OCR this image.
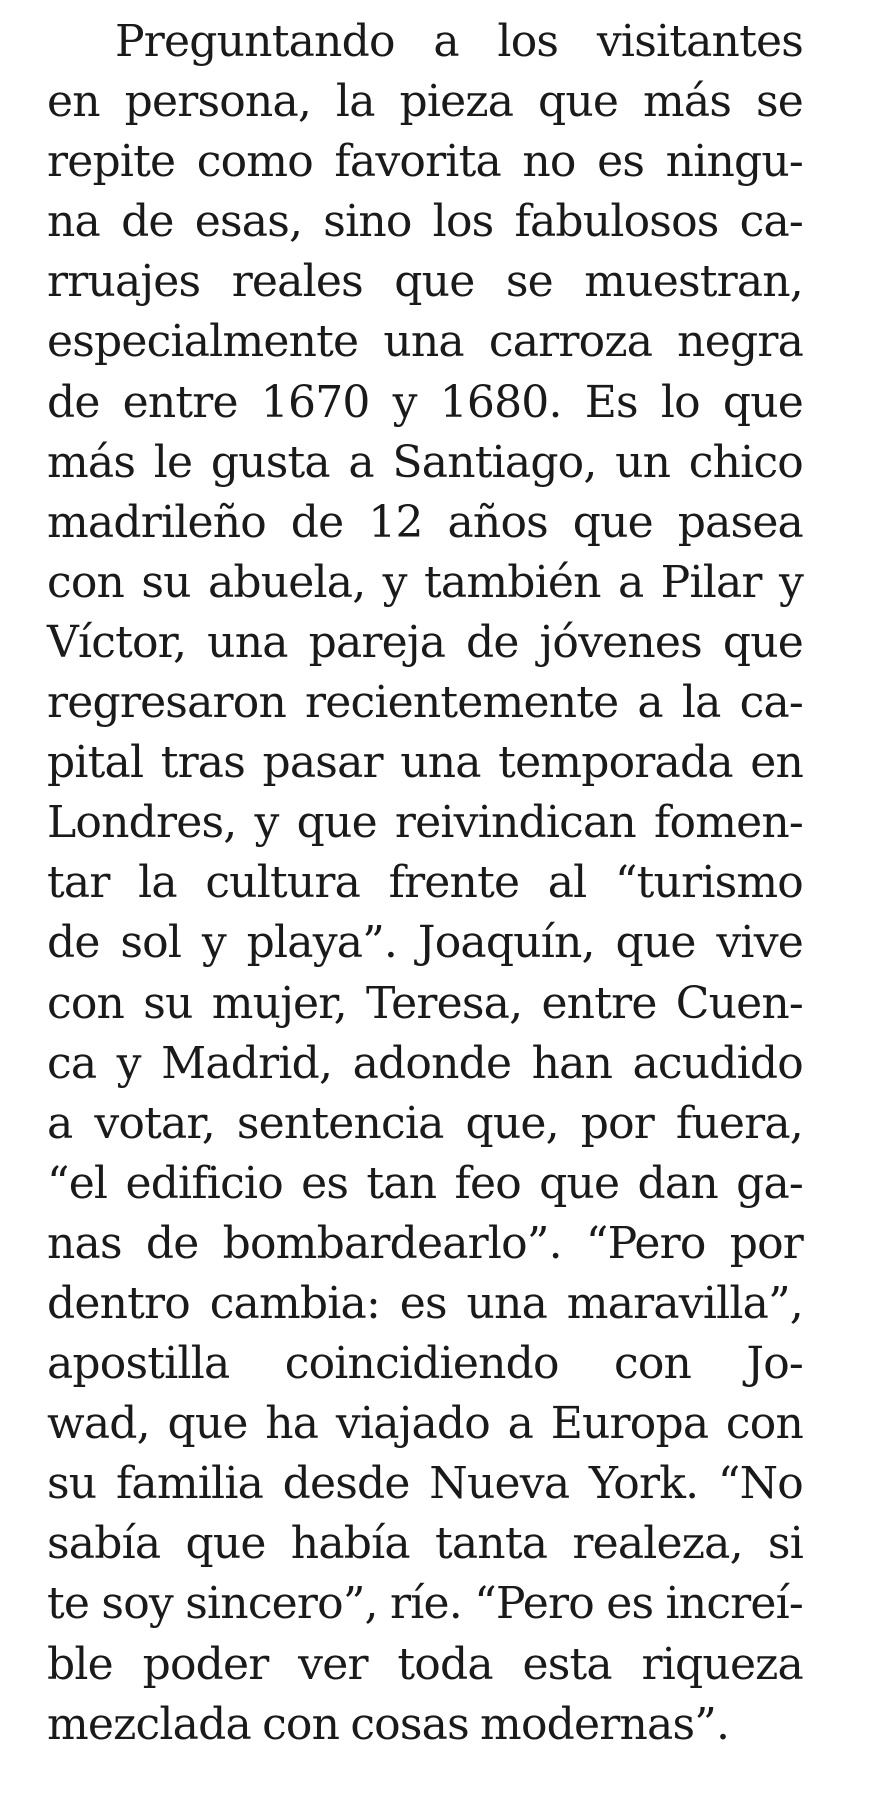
Preguntando a los visitantes
en persona, la pieza que más se
repite como favorita no es ningu-
na de esas, sino los fabulosos ca-
rruajes reales que se muestran,
especialmente una carroza negra
de entre 1670 y 1680. Es lo que
más le gusta a Santiago, un chico
madrileño de 12 años que pasea
con su abuela, y también a Pilar y
Víctor, una pareja de jóvenes que
regresaron recientemente a la ca-
pital tras pasar una temporada en
Londres, y que reivindican fomen-
tar la cultura frente al “turismo
de sol y playa”. Joaquín, que vive
con su mujer, Teresa, entre Cuen-
ca y Madrid, adonde han acudido
a votar, sentencia que, por fuera,
“el edificio es tan feo que dan ga-
nas de bombardearlo”. “Pero por
dentro cambia: es una maravilla”,
apostilla coincidiendo con Jo-
wad, que ha viajado a Europa con
su familia desde Nueva York. “No
sabía que había tanta realeza, si
te soy sincero”, ríe. “Pero es increí-
ble poder ver toda esta riqueza
mezclada con cosas modernas”.
